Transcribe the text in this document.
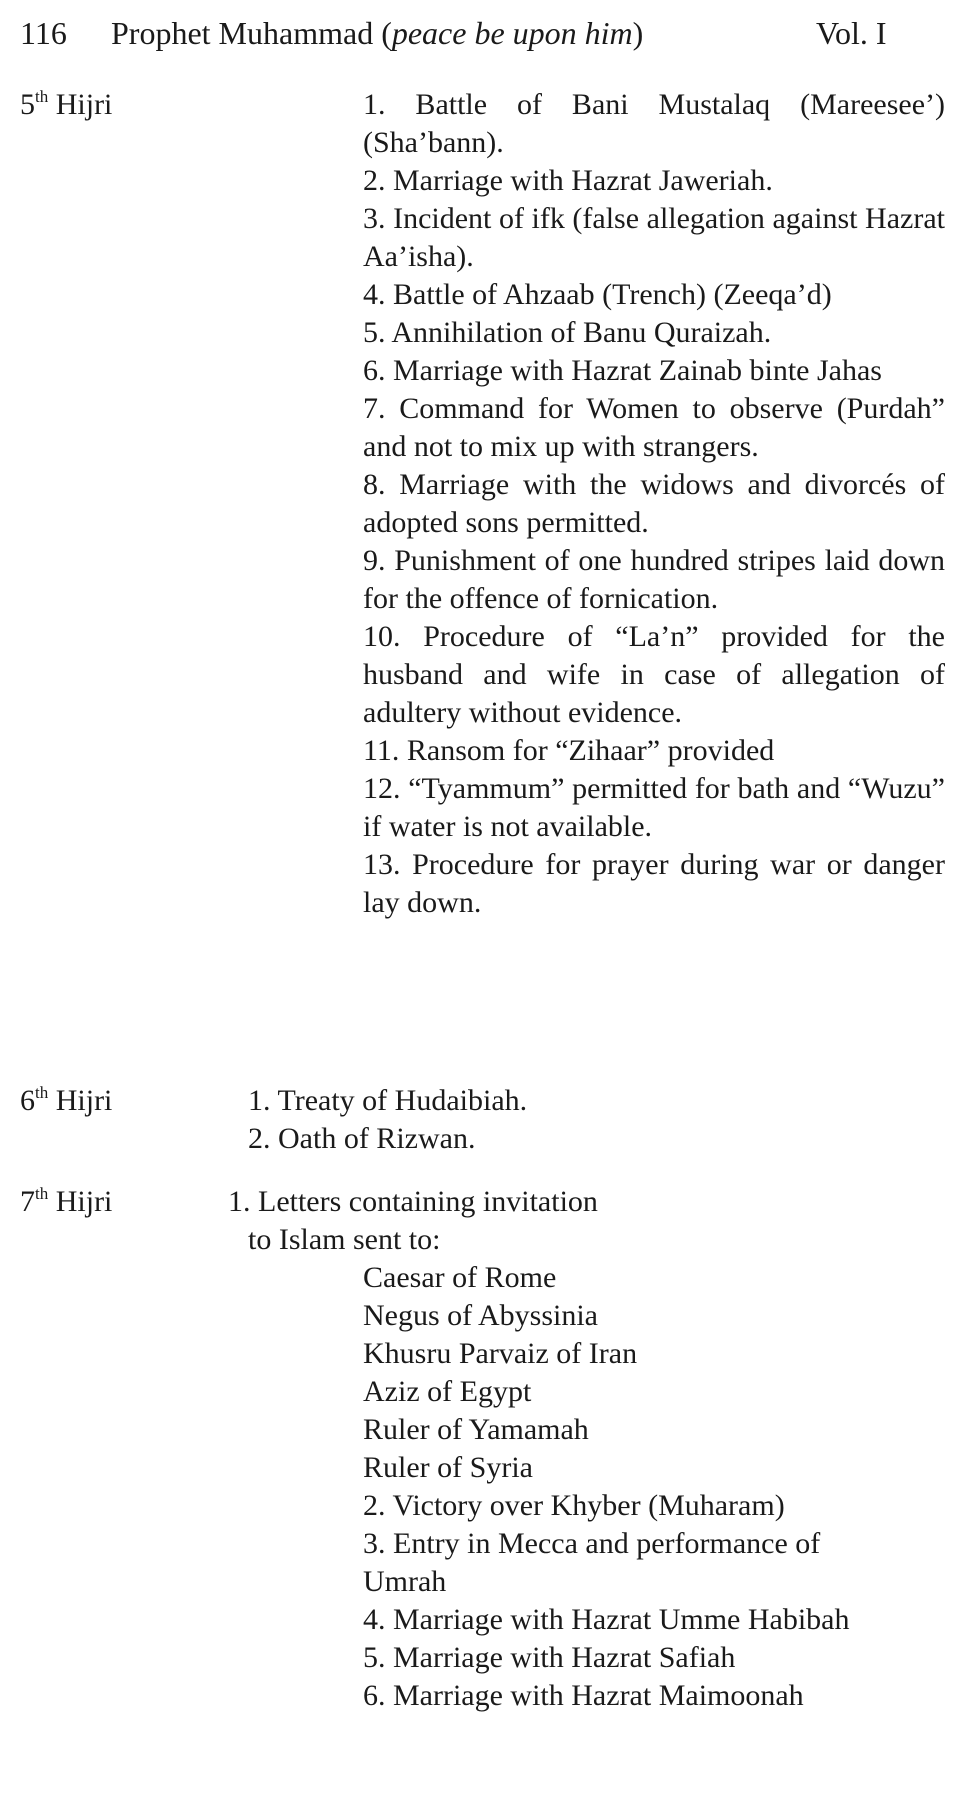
116 Prophet Muhammad (peace be upon him)	Vol. I
5th Hijri	1. Battle of Bani Mustalaq (Mareesee’) (Sha’bann).

2. Marriage with Hazrat Jaweriah.

3. Incident of ifk (false allegation against Hazrat Aa’isha).

4. Battle of Ahzaab (Trench) (Zeeqa’d)

5. Annihilation of Banu Quraizah.

6. Marriage with Hazrat Zainab binte Jahas

7. Command for Women to observe (Purdah” and not to mix up with strangers.

8. Marriage with the widows and divorcés of adopted sons permitted.

9. Punishment of one hundred stripes laid down for the offence of fornication.

10. Procedure of “La’n” provided for the husband and wife in case of allegation of adultery without evidence.

11. Ransom for “Zihaar” provided

12. “Tyammum” permitted for bath and “Wuzu” if water is not available.

13. Procedure for prayer during war or danger lay down.

6th Hijri	1. Treaty of Hudaibiah.

2. Oath of Rizwan.

7th Hijri	1. Letters containing invitation

to Islam sent to:

Caesar of Rome

Negus of Abyssinia

Khusru Parvaiz of Iran

Aziz of Egypt

Ruler of Yamamah

Ruler of Syria

2. Victory over Khyber (Muharam)

3. Entry in Mecca and performance of

Umrah

4. Marriage with Hazrat Umme Habibah

5. Marriage with Hazrat Safiah

6. Marriage with Hazrat Maimoonah
